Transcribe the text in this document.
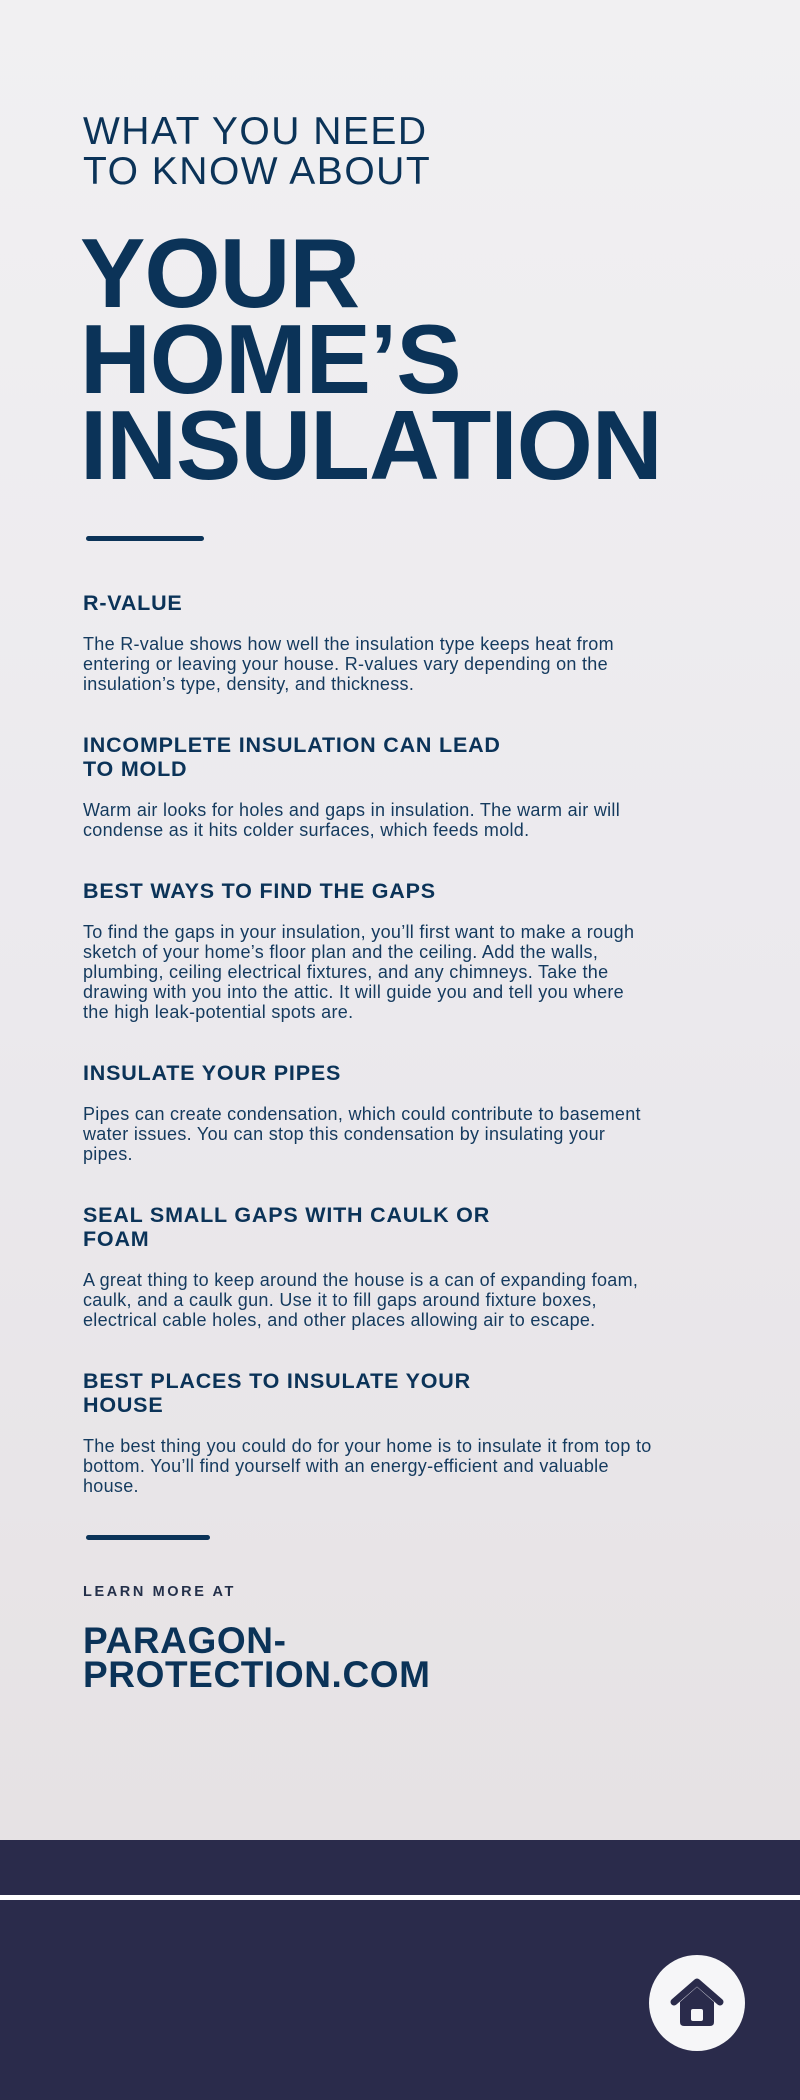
WHAT YOU NEED
TO KNOW ABOUT
YOUR
HOME’S
INSULATION
R-VALUE

The R-value shows how well the insulation type keeps heat from entering or leaving your house. R-values vary depending on the insulation’s type, density, and thickness.

INCOMPLETE INSULATION CAN LEAD TO MOLD

Warm air looks for holes and gaps in insulation. The warm air will condense as it hits colder surfaces, which feeds mold.

BEST WAYS TO FIND THE GAPS

To find the gaps in your insulation, you’ll first want to make a rough sketch of your home’s floor plan and the ceiling. Add the walls, plumbing, ceiling electrical fixtures, and any chimneys. Take the drawing with you into the attic. It will guide you and tell you where the high leak-potential spots are.

INSULATE YOUR PIPES

Pipes can create condensation, which could contribute to basement water issues. You can stop this condensation by insulating your pipes.

SEAL SMALL GAPS WITH CAULK OR FOAM

A great thing to keep around the house is a can of expanding foam, caulk, and a caulk gun. Use it to fill gaps around fixture boxes, electrical cable holes, and other places allowing air to escape.

BEST PLACES TO INSULATE YOUR HOUSE

The best thing you could do for your home is to insulate it from top to bottom. You’ll find yourself with an energy-efficient and valuable house.

LEARN MORE AT
PARAGON-
PROTECTION.COM
